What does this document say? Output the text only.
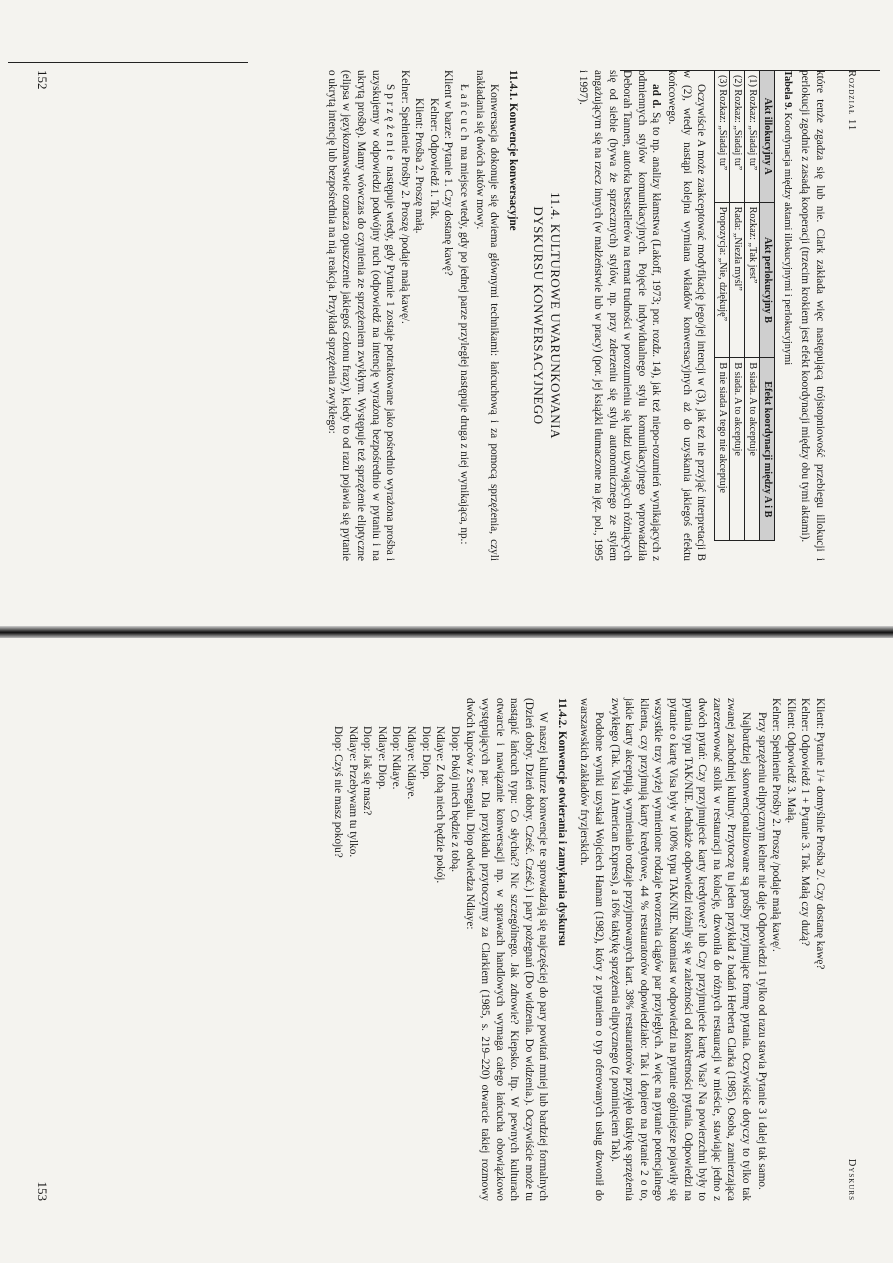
Rozdział 11

które tenże zgadza się lub nie. Clark zakłada więc następującą trójstopniowość przebiegu illokucji i perlokucji zgodnie z zasadą kooperacji (trzecim krokiem jest efekt koordynacji między obu tymi aktami).

Tabela 9. Koordynacja między aktami illokucyjnymi i perlokucyjnymi

Akt illokucyjny A	Akt perlokucyjny B	Efekt koordynacji między A i B
(1) Rozkaz: „Siadaj tu”	Rozkaz: „Tak jest”	B siada. A to akceptuje
(2) Rozkaz: „Siadaj tu”	Rada: „Niezła myśl”	B siada. A to akceptuje
(3) Rozkaz: „Siadaj tu”	Propozycja: „Nie, dziękuję”	B nie siada A tego nie akceptuje

Oczywiście A może zaakceptować modyfikację jego/jej intencji w (3), jak też nie przyjąć interpretacji B w (2), wtedy nastąpi kolejna wymiana wkładów konwersacyjnych aż do uzyskania jakiegoś efektu końcowego.

ad d. Są to np. analizy kłamstwa (Lakoff, 1973; por. rozdz. 14), jak też niepo-rozumień wynikających z odmiennych stylów komunikacyjnych. Pojęcie indywidualnego stylu komunikacyjnego wprowadziła Deborah Tannen, autorka bestsellerów na temat trudności w porozumieniu się ludzi używających różniących się od siebie (bywa że sprzecznych) stylów, np. przy zderzeniu się stylu autonomicznego ze stylem angażującym się na rzecz innych (w małżeństwie lub w pracy) (por. jej książki tłumaczone na jęz. pol., 1995 i 1997).

11.4. KULTUROWE UWARUNKOWANIA
DYSKURSU KONWERSACYJNEGO

11.4.1. Konwencje konwersacyjne

Konwersacja dokonuje się dwiema głównymi technikami: łańcuchową i za pomocą sprzężenia, czyli nakładania się dwóch aktów mowy.

Łańcuch ma miejsce wtedy, gdy po jednej parze przyległej następuje druga z niej wynikająca, np.:

Klient w barze: Pytanie 1. Czy dostanę kawę?

Kelner: Odpowiedź 1. Tak.

Klient: Prośba 2. Proszę małą.

Kelner: Spełnienie Prośby 2. Proszę /podaje małą kawę/.

Sprzężenie następuje wtedy, gdy Pytanie 1 zostaje potraktowane jako pośrednio wyrażona prośba i uzyskujemy w odpowiedzi podwójny ruch (odpowiedź na intencję wyrażoną bezpośrednio w pytaniu i na ukrytą prośbę). Mamy wówczas do czynienia ze sprzężeniem zwykłym. Występuje też sprzężenie eliptyczne (elipsa w językoznawstwie oznacza opuszczenie jakiegoś członu frazy), kiedy to od razu pojawia się pytanie o ukrytą intencję lub bezpośrednia na nią reakcja. Przykład sprzężenia zwykłego:

152
Dyskurs

Klient: Pytanie 1/+ domyślnie Prośba 2/. Czy dostanę kawę?

Kelner: Odpowiedź 1 + Pytanie 3. Tak. Małą czy dużą?

Klient: Odpowiedź 3. Małą.

Kelner: Spełnienie Prośby 2. Proszę /podaje małą kawę/.

Przy sprzężeniu eliptycznym kelner nie daje Odpowiedzi 1 tylko od razu stawia Pytanie 3 i dalej tak samo.

Najbardziej skonwencjonalizowane są prośby przyjmujące formę pytania. Oczywiście dotyczy to tylko tak zwanej zachodniej kultury. Przytoczę tu jeden przykład z badań Herberta Clarka (1985). Osoba, zamierzająca zarezerwować stolik w restauracji na kolację, dzwoniła do różnych restauracji w mieście, stawiając jedno z dwóch pytań: Czy przyjmujecie karty kredytowe? lub Czy przyjmujecie kartę Visa? Na powierzchni były to pytania typu TAK/NIE. Jednakże odpowiedzi różniły się w zależności od konkretności pytania. Odpowiedzi na pytanie o kartę Visa były w 100% typu TAK/NIE. Natomiast w odpowiedzi na pytanie ogólniejsze pojawiły się wszystkie trzy wyżej wymienione rodzaje tworzenia ciągów par przyległych. A więc na pytanie potencjalnego klienta, czy przyjmują karty kredytowe, 44 % restauratorów odpowiedziało: Tak i dopiero na pytanie 2 o to, jakie karty akceptują, wymieniało rodzaje przyjmowanych kart. 38% restauratorów przyjęło taktykę sprzężenia zwykłego (Tak. Visa i American Express), a 16% taktykę sprzężenia eliptycznego (z pominięciem Tak).

Podobne wyniki uzyskał Wojciech Haman (1982), który z pytaniem o typ oferowanych usług dzwonił do warszawskich zakładów fryzjerskich.

11.4.2. Konwencje otwierania i zamykania dyskursu

W naszej kulturze konwencje te sprowadzają się najczęściej do pary powitań mniej lub bardziej formalnych (Dzień dobry. Dzień dobry. Cześć. Cześć.) i pary pożegnań (Do widzenia. Do widzenia.). Oczywiście może tu nastąpić łańcuch typu: Co słychać? Nic szczególnego. Jak zdrowie? Kiepsko. Itp. W pewnych kulturach otwarcie i nawiązanie konwersacji np. w sprawach handlowych wymaga całego łańcucha obowiązkowo występujących par. Dla przykładu przytoczymy za Clarkiem (1985, s. 219–220) otwarcie takiej rozmowy dwóch kupców z Senegalu. Diop odwiedza Ndiaye:

Diop: Pokój niech będzie z tobą.

Ndiaye: Z tobą niech będzie pokój.

Diop: Diop.

Ndiaye: Ndiaye.

Diop: Ndiaye.

Ndiaye: Diop.

Diop: Jak się masz?

Ndiaye: Przebywam tu tylko.

Diop: Czyś nie masz pokoju?

153
